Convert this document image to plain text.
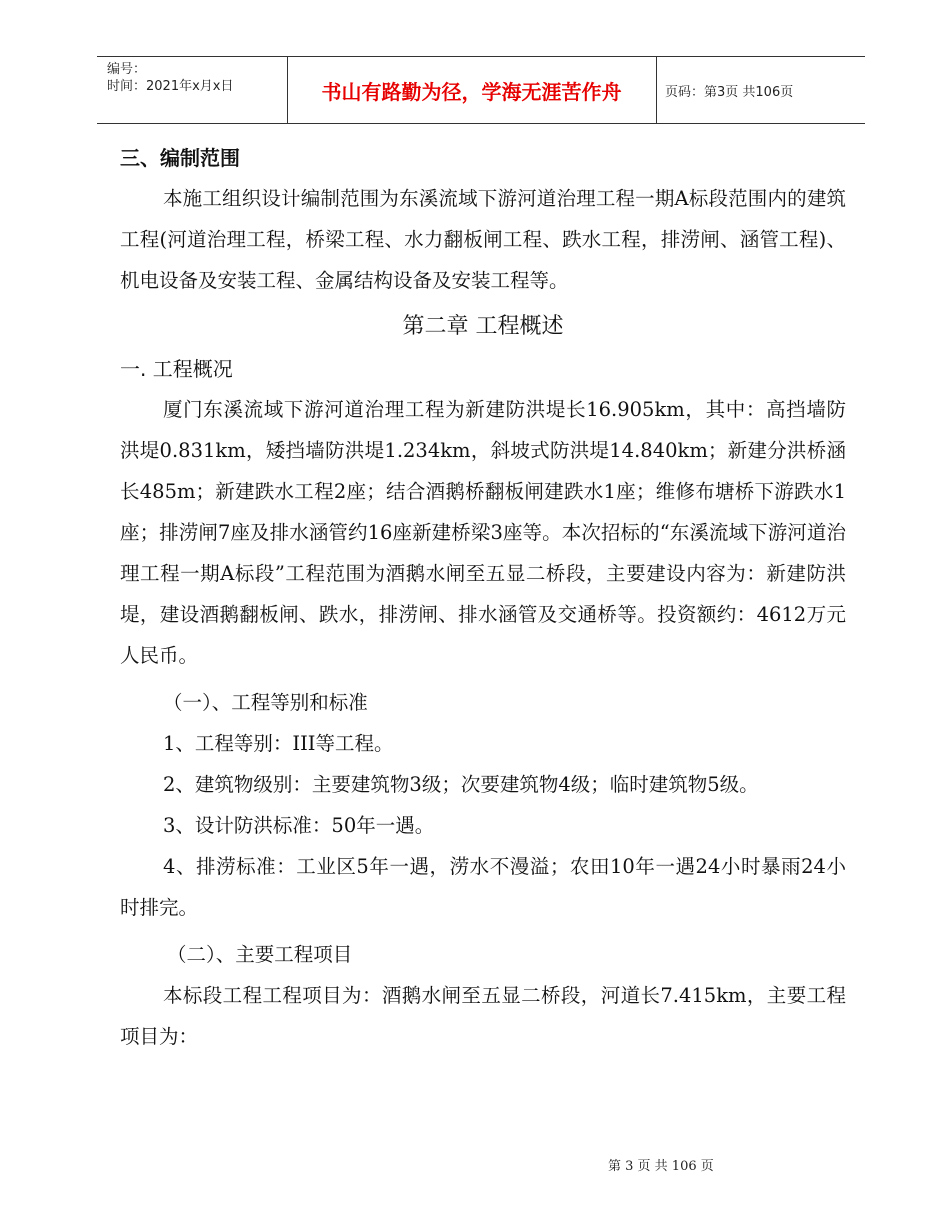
编号：
时间：2021年x月x日	书山有路勤为径，学海无涯苦作舟	页码：第3页 共106页
三、编制范围
本施工组织设计编制范围为东溪流域下游河道治理工程一期A标段范围内的建筑工程(河道治理工程，桥梁工程、水力翻板闸工程、跌水工程，排涝闸、涵管工程)、机电设备及安装工程、金属结构设备及安装工程等。
第二章 工程概述
一. 工程概况
厦门东溪流域下游河道治理工程为新建防洪堤长16.905km，其中：高挡墙防洪堤0.831km，矮挡墙防洪堤1.234km，斜坡式防洪堤14.840km；新建分洪桥涵长485m；新建跌水工程2座；结合酒鹅桥翻板闸建跌水1座；维修布塘桥下游跌水1座；排涝闸7座及排水涵管约16座新建桥梁3座等。本次招标的“东溪流域下游河道治理工程一期A标段”工程范围为酒鹅水闸至五显二桥段，主要建设内容为：新建防洪堤，建设酒鹅翻板闸、跌水，排涝闸、排水涵管及交通桥等。投资额约：4612万元人民币。
（一）、工程等别和标准
1、工程等别：III等工程。
2、建筑物级别：主要建筑物3级；次要建筑物4级；临时建筑物5级。
3、设计防洪标准：50年一遇。
4、排涝标准：工业区5年一遇，涝水不漫溢；农田10年一遇24小时暴雨24小时排完。
（二）、主要工程项目
本标段工程工程项目为：酒鹅水闸至五显二桥段，河道长7.415km，主要工程项目为：
第 3 页 共 106 页
